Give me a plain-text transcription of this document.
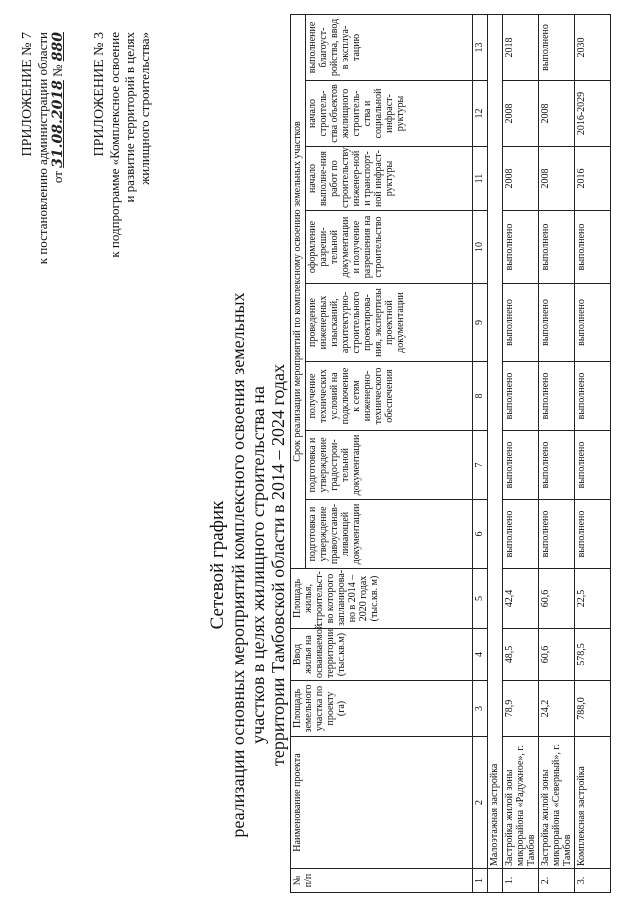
ПРИЛОЖЕНИЕ № 7 к постановлению администрации области от 31.08.2018 № 880 ПРИЛОЖЕНИЕ № 3 к подпрограмме «Комплексное освоение и развитие территорий в целях жилищного строительства»
Сетевой график реализации основных мероприятий комплексного освоения земельных участков в целях жилищного строительства на территории Тамбовской области в 2014 – 2024 годах
№ п/п	Наименование проекта	Площадь земельного участка по проекту (га)	Ввод жилья на осваиваемой территории (тыс.кв.м)	Площадь жилья, строительст-во которого запланирова-но в 2014 – 2020 годах (тыс.кв. м)	Срок реализации мероприятий по комплексному освоению земельных участков							
					подготовка и утверждение правоустанав-ливающей документации	подготовка и утверждение градострои-тельной документации	получение технических условий на подключение к сетям инженерно-технического обеспечения	проведение инженерных изысканий, архитектурно-строительного проектирова-ния, экспертизы проектной документации	оформление разреши-тельной документации и получение разрешения на строительство	начало выполне-ния работ по строительству инженер-ной и транспорт-ной инфраст-руктуры	начало строитель-ства объектов жилищного строитель-ства и социальной инфраст-руктуры	выполнение благоуст-ройства, ввод в эксплуа-тацию
1	2	3	4	5	6	7	8	9	10	11	12	13
	Малоэтажная застройка											
1.	Застройка жилой зоны микрорайона «Радужное», г. Тамбов	78,9	48,5	42,4	выполнено	выполнено	выполнено	выполнено	выполнено	2008	2008	2018
2.	Застройка жилой зоны микрорайона «Северный», г. Тамбов	24,2	60,6	60,6	выполнено	выполнено	выполнено	выполнено	выполнено	2008	2008	выполнено
3.	Комплексная застройка	788,0	578,5	22,5	выполнено	выполнено	выполнено	выполнено	выполнено	2016	2016-2029	2030
